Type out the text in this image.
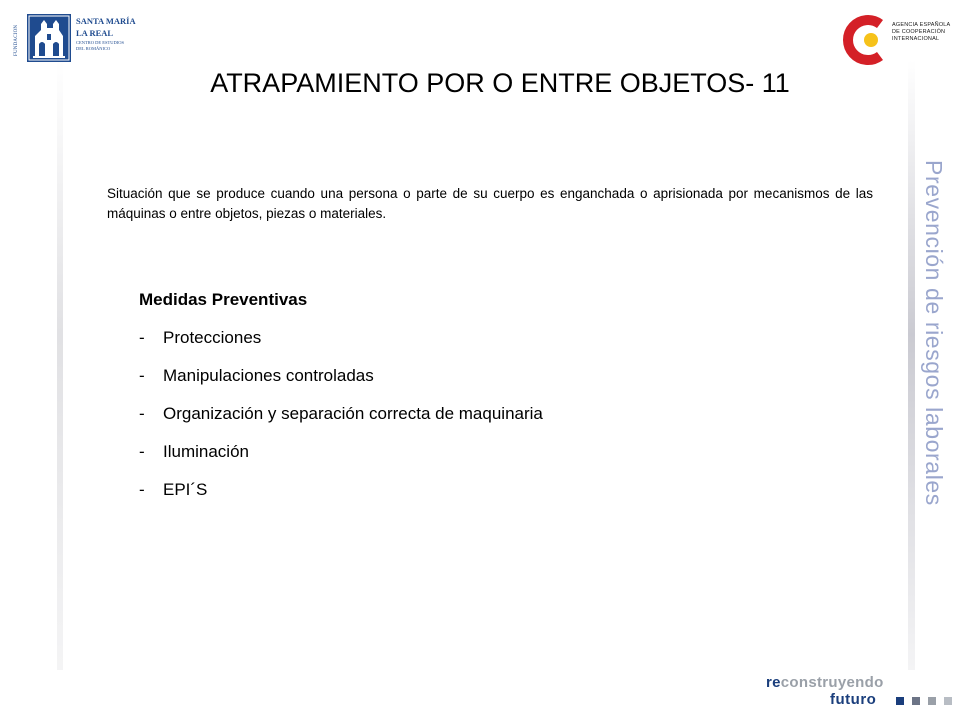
FUNDACIÓN
SANTA MARÍA
LA REAL
CENTRO DE ESTUDIOS DEL ROMÁNICO
AGENCIA ESPAÑOLA DE COOPERACIÓN INTERNACIONAL
ATRAPAMIENTO POR O ENTRE OBJETOS- 11
Situación que se produce cuando una persona o parte de su cuerpo es enganchada o aprisionada por mecanismos de las máquinas o entre objetos, piezas o materiales.
Medidas Preventivas
- Protecciones
- Manipulaciones controladas
- Organización y separación correcta de maquinaria
- Iluminación
- EPI´S	Prevención de riesgos laborales
reconstruyendo
futuro
